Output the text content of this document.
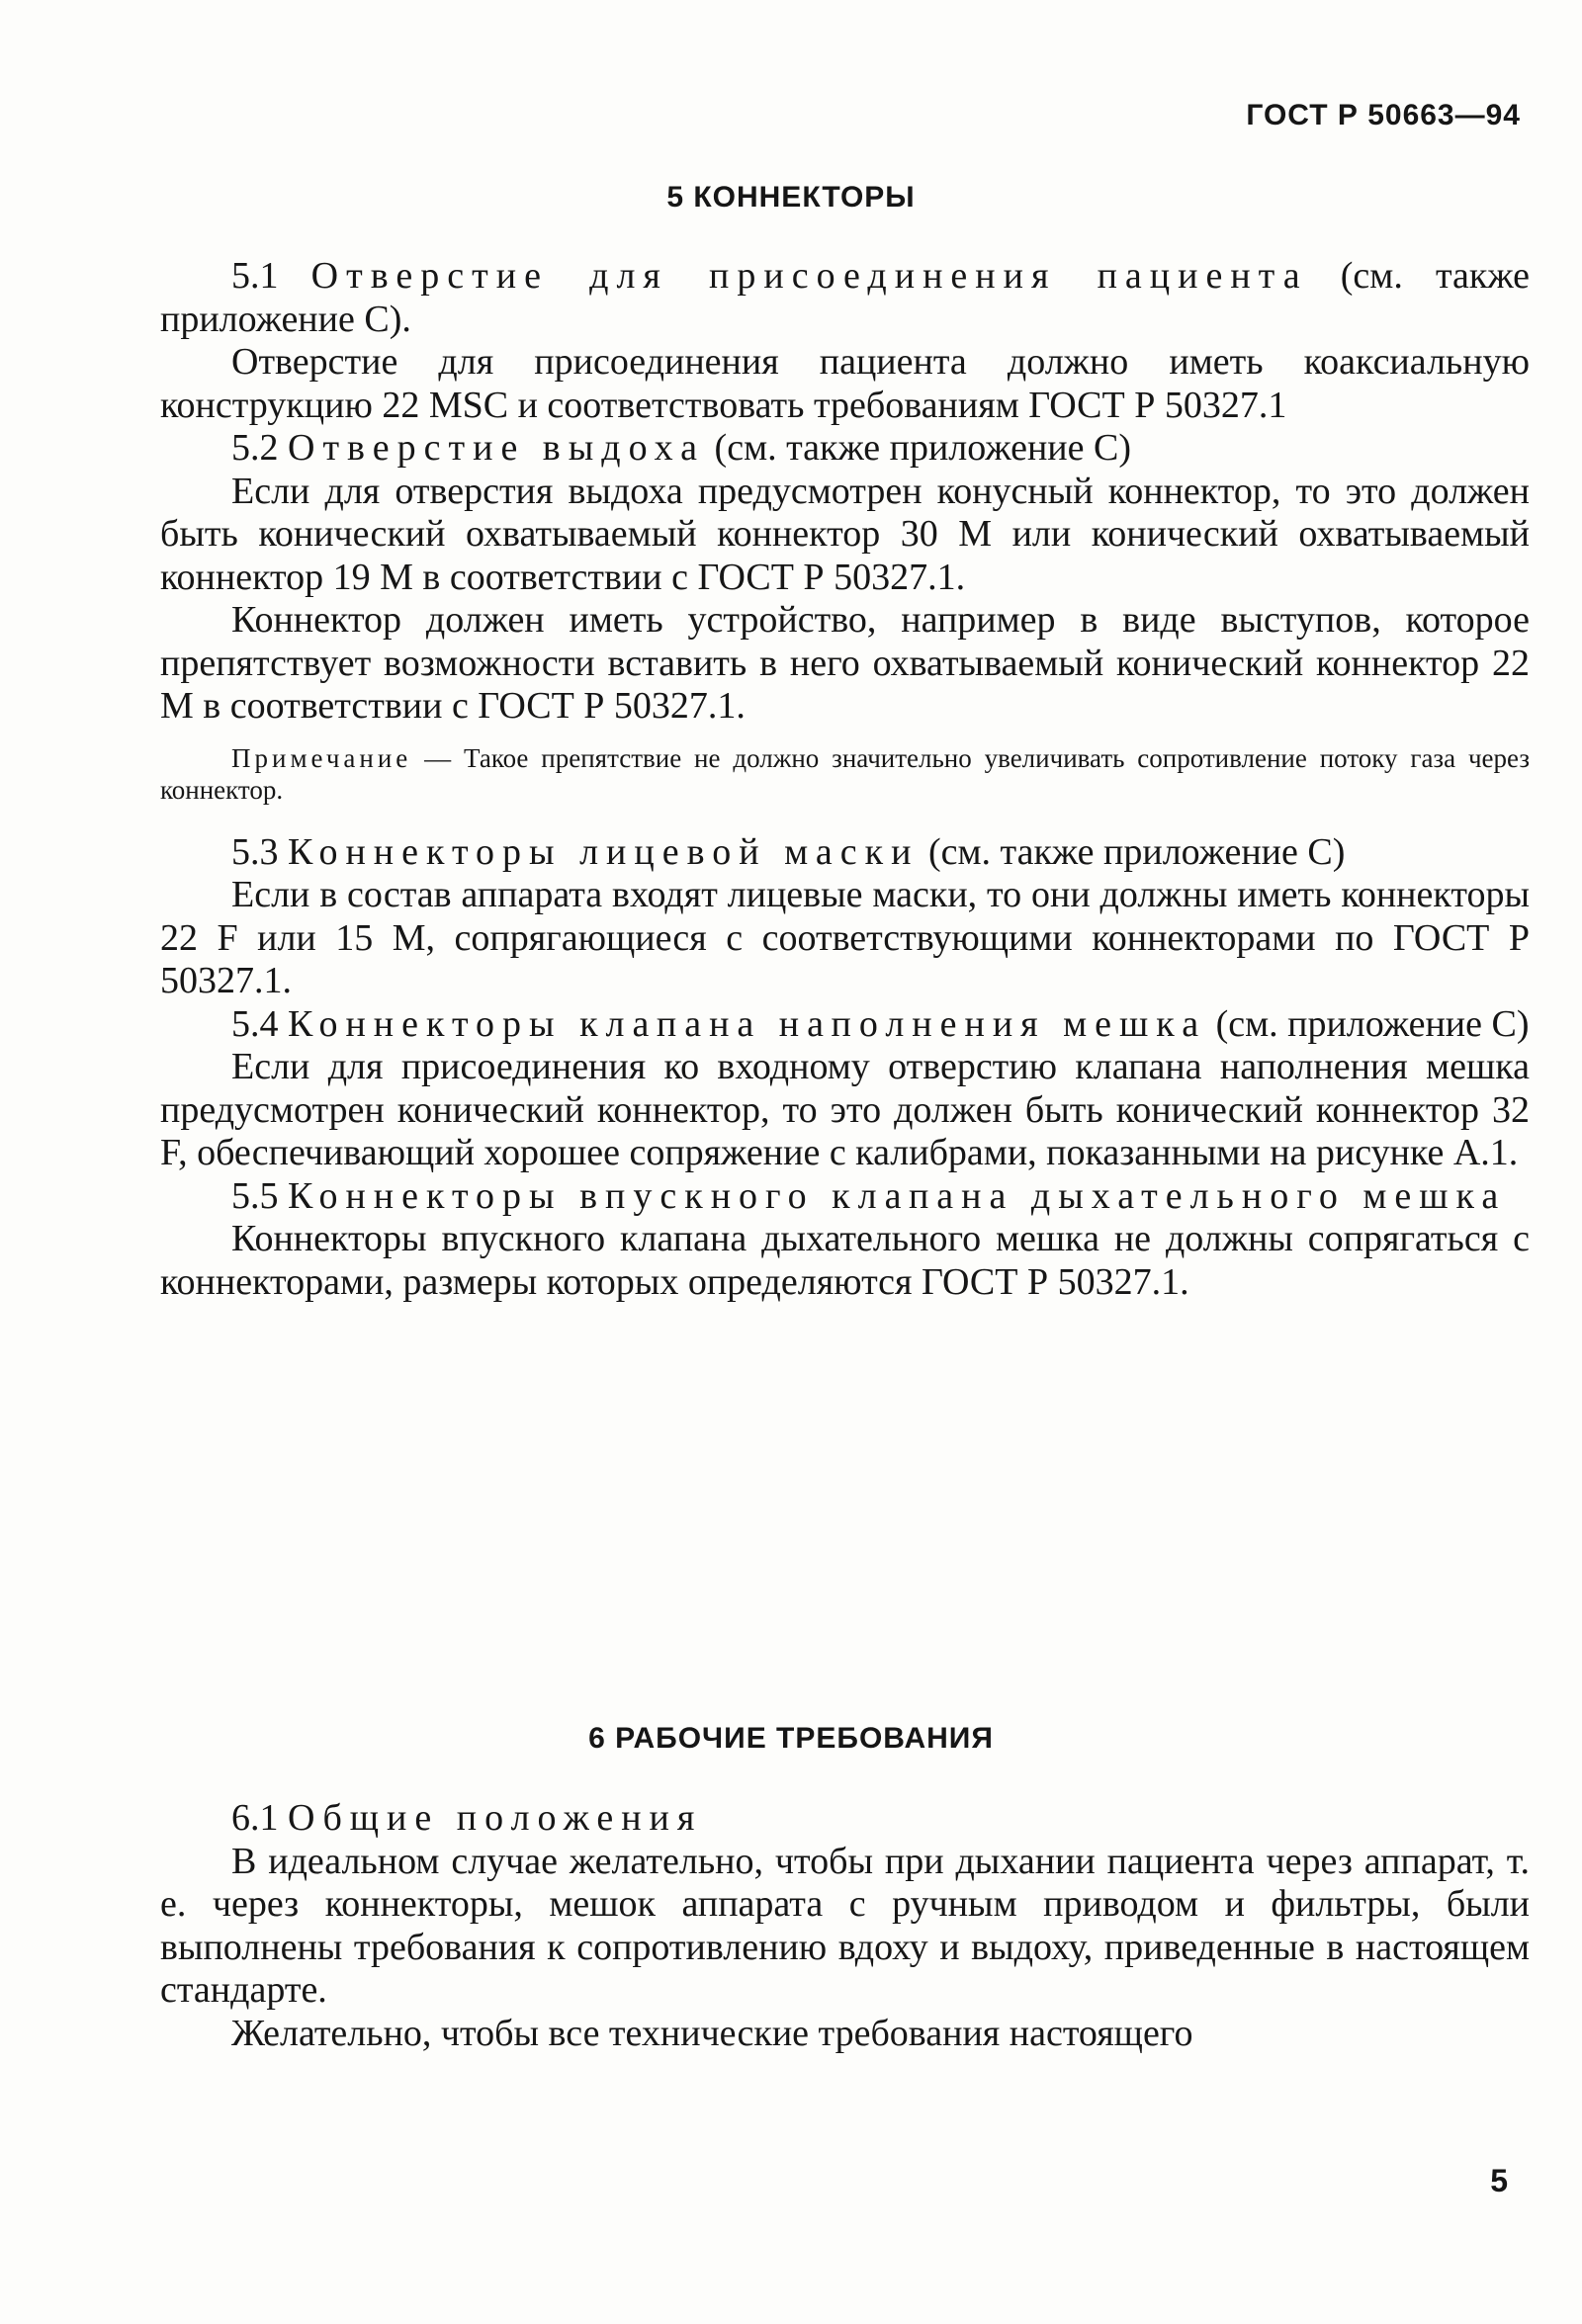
ГОСТ Р 50663—94
5 КОННЕКТОРЫ
5.1 Отверстие для присоединения пациента (см. также приложение С).
Отверстие для присоединения пациента должно иметь коаксиальную конструкцию 22 MSC и соответствовать требованиям ГОСТ Р 50327.1
5.2 Отверстие выдоха (см. также приложение С)
Если для отверстия выдоха предусмотрен конусный коннектор, то это должен быть конический охватываемый коннектор 30 М или конический охватываемый коннектор 19 М в соответствии с ГОСТ Р 50327.1.
Коннектор должен иметь устройство, например в виде выступов, которое препятствует возможности вставить в него охватываемый конический коннектор 22 М в соответствии с ГОСТ Р 50327.1.
Примечание — Такое препятствие не должно значительно увеличивать сопротивление потоку газа через коннектор.
5.3 Коннекторы лицевой маски (см. также приложение С)
Если в состав аппарата входят лицевые маски, то они должны иметь коннекторы 22 F или 15 М, сопрягающиеся с соответствующими коннекторами по ГОСТ Р 50327.1.
5.4 Коннекторы клапана наполнения мешка (см. приложение С)
Если для присоединения ко входному отверстию клапана наполнения мешка предусмотрен конический коннектор, то это должен быть конический коннектор 32 F, обеспечивающий хорошее сопряжение с калибрами, показанными на рисунке А.1.
5.5 Коннекторы впускного клапана дыхательного мешка
Коннекторы впускного клапана дыхательного мешка не должны сопрягаться с коннекторами, размеры которых определяются ГОСТ Р 50327.1.
6 РАБОЧИЕ ТРЕБОВАНИЯ
6.1 Общие положения
В идеальном случае желательно, чтобы при дыхании пациента через аппарат, т. е. через коннекторы, мешок аппарата с ручным приводом и фильтры, были выполнены требования к сопротивлению вдоху и выдоху, приведенные в настоящем стандарте.
Желательно, чтобы все технические требования настоящего
5
